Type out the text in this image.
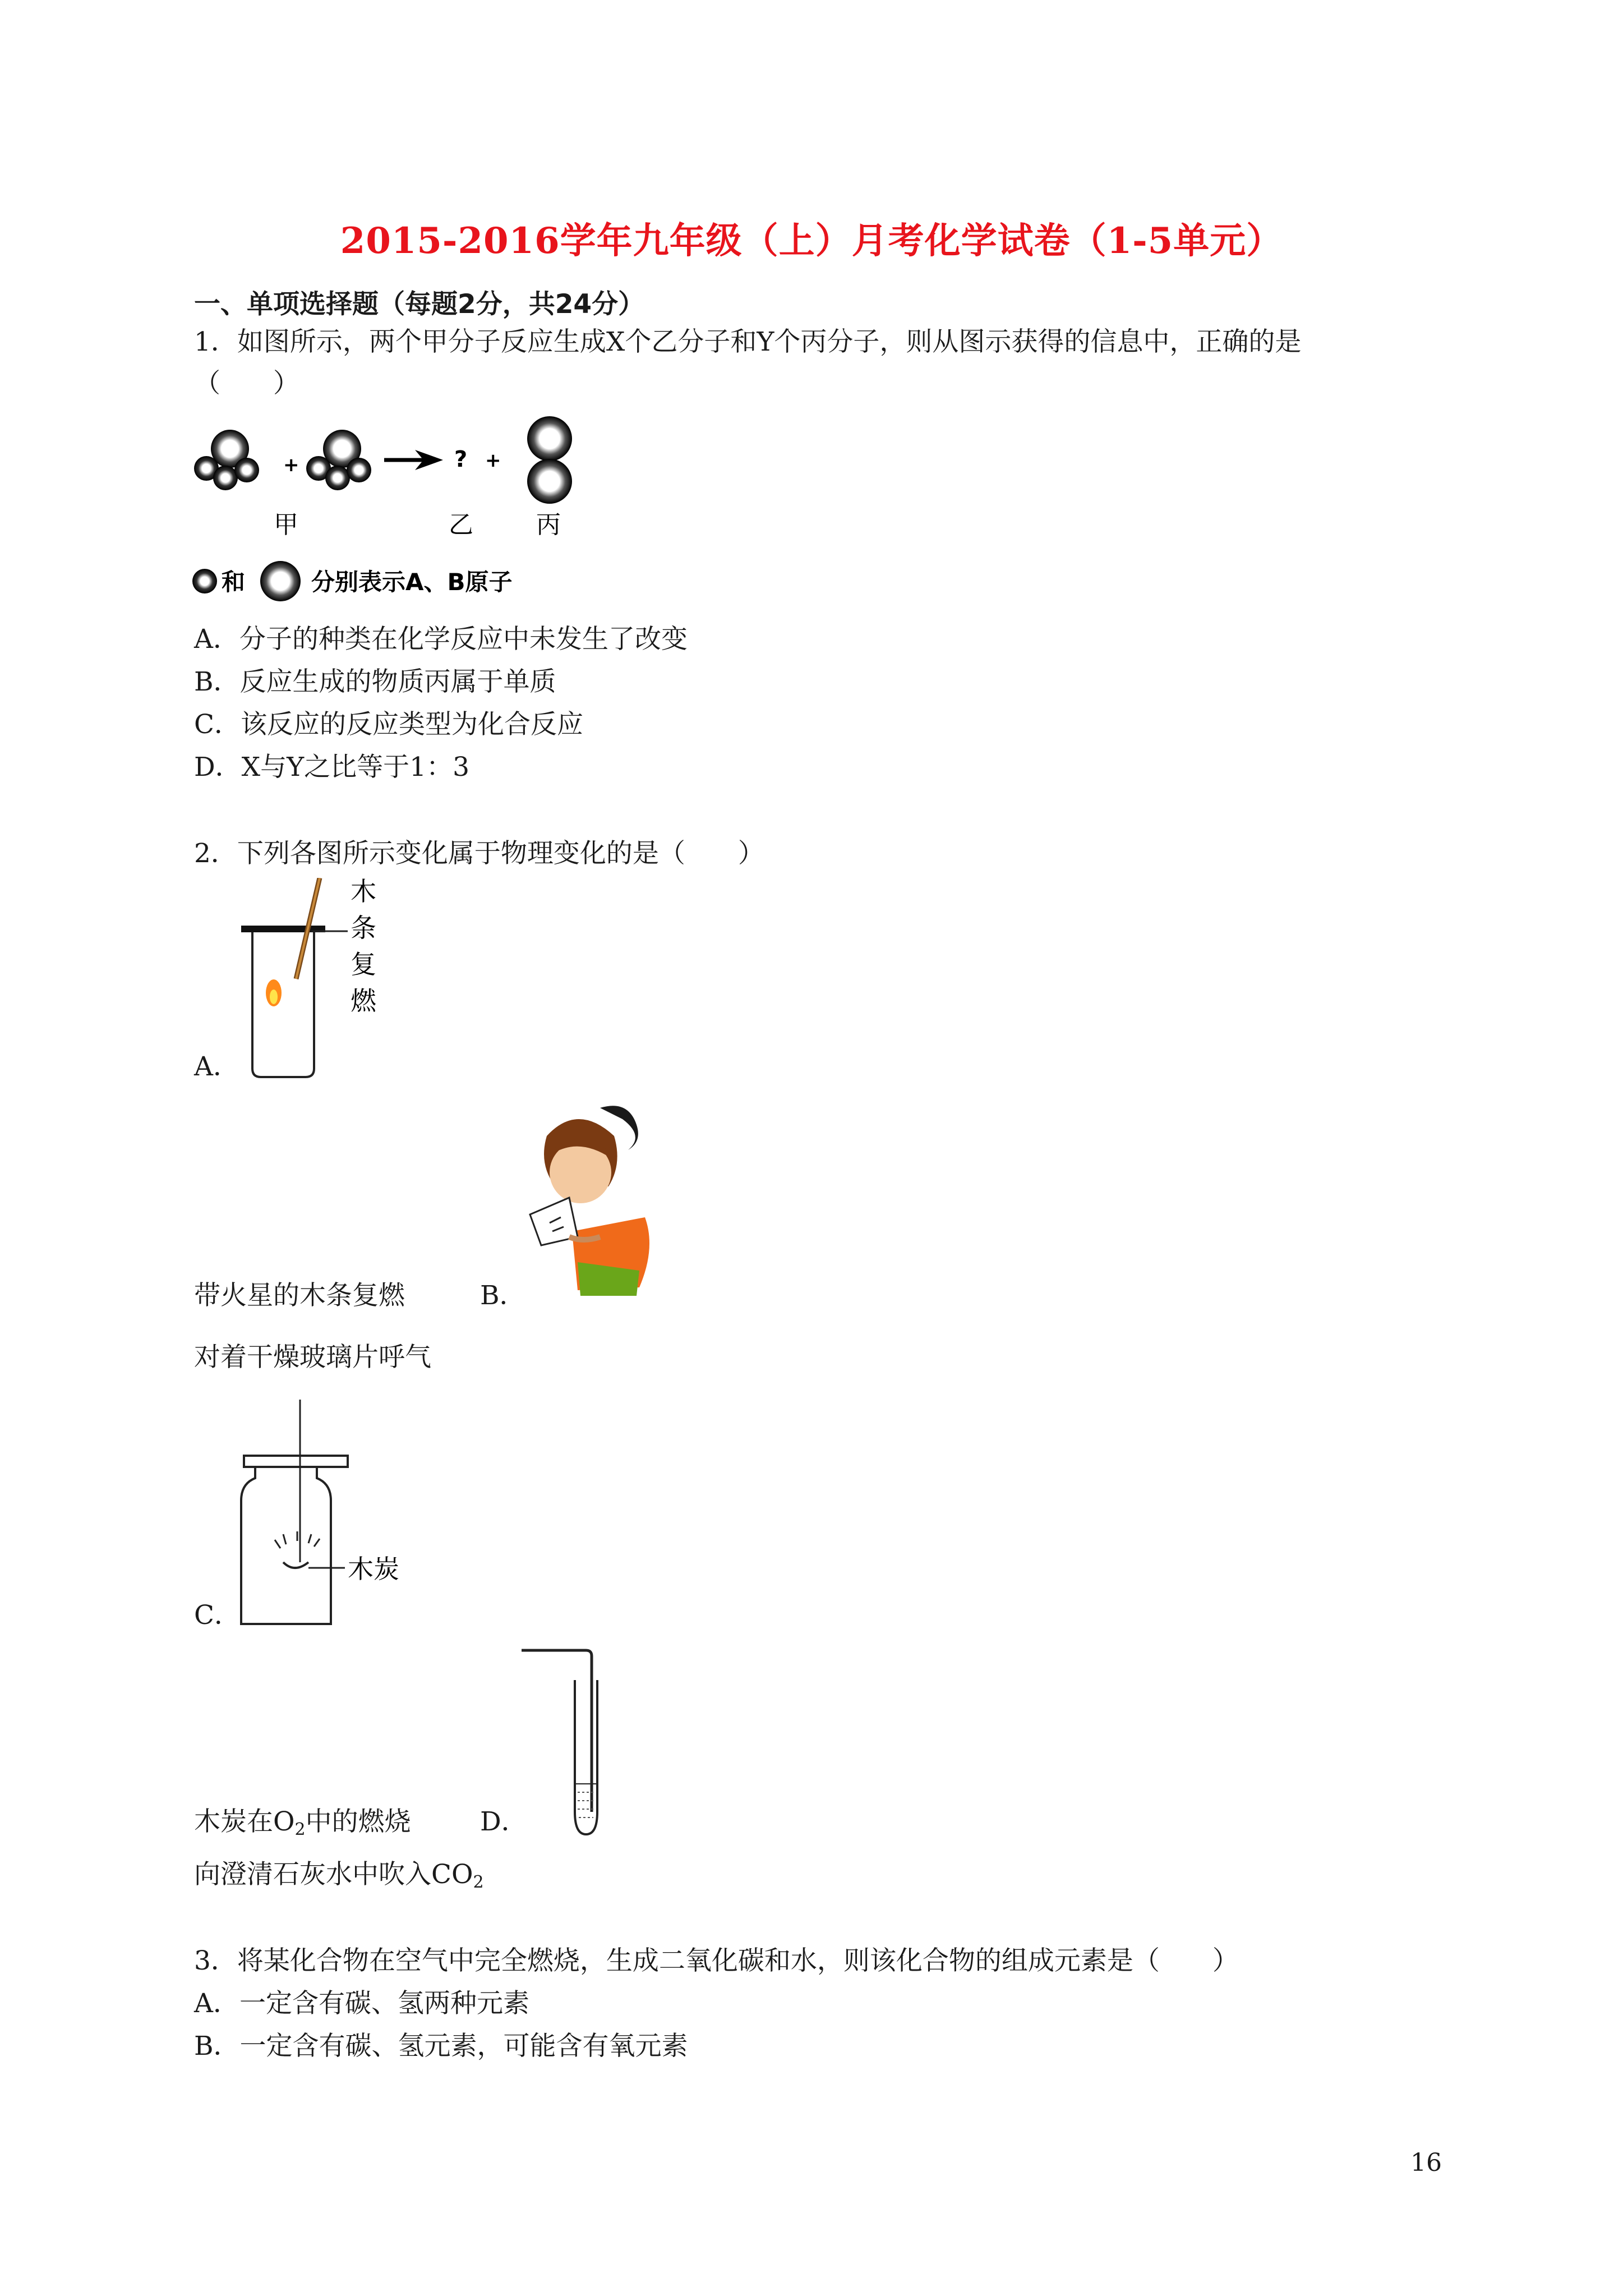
2015-2016学年九年级（上）月考化学试卷（1-5单元）
一、单项选择题（每题2分，共24分）
1．如图所示，两个甲分子反应生成X个乙分子和Y个丙分子，则从图示获得的信息中，正确的是
（　　）
+	? +
甲	乙	丙
和	分别表示A、B原子
A．分子的种类在化学反应中未发生了改变
B．反应生成的物质丙属于单质
C．该反应的反应类型为化合反应
D．X与Y之比等于1：3
2．下列各图所示变化属于物理变化的是（　　）
木
条
复
燃
A．
带火星的木条复燃	B．
对着干燥玻璃片呼气
木炭
C．
木炭在$O_2$中的燃烧	D．
向澄清石灰水中吹入$CO_2$
3．将某化合物在空气中完全燃烧，生成二氧化碳和水，则该化合物的组成元素是（　　）
A．一定含有碳、氢两种元素
B．一定含有碳、氢元素，可能含有氧元素
16
